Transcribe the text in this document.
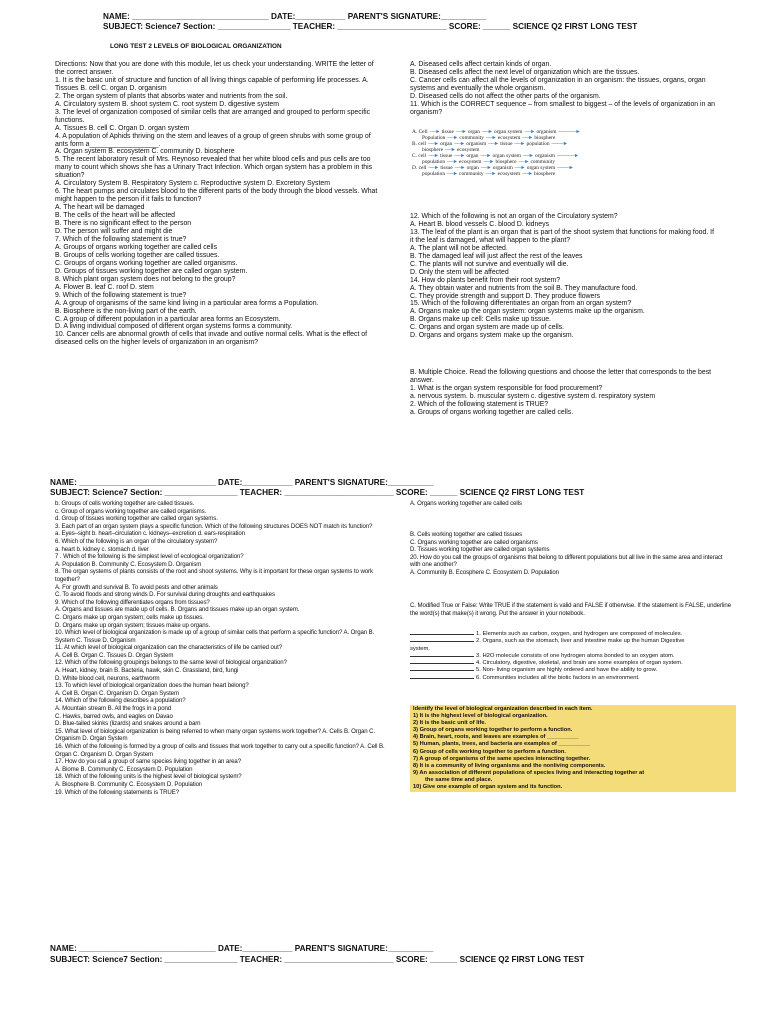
NAME: ______________________________ DATE:___________ PARENT'S SIGNATURE:__________
SUBJECT: Science7 Section: ________________ TEACHER: ________________________ SCORE: ______ SCIENCE Q2 FIRST LONG TEST
LONG TEST 2 LEVELS OF BIOLOGICAL ORGANIZATION

Directions: Now that you are done with this module, let us check your understanding. WRITE the letter of the correct answer.

1. It is the basic unit of structure and function of all living things capable of performing life processes. A. Tissues B. cell C. organ D. organism

2. The organ system of plants that absorbs water and nutrients from the soil.

A. Circulatory system B. shoot system C. root system D. digestive system

3. The level of organization composed of similar cells that are arranged and grouped to perform specific functions.

A. Tissues B. cell C. Organ D. organ system

4. A population of Aphids thriving on the stem and leaves of a group of green shrubs with some group of ants form a__________________.

A. Organ system B. ecosystem C. community D. biosphere

5. The recent laboratory result of Mrs. Reynoso revealed that her white blood cells and pus cells are too many to count which shows she has a Urinary Tract Infection. Which organ system has a problem in this situation?

A. Circulatory System B. Respiratory System c. Reproductive system D. Excretory System

6. The heart pumps and circulates blood to the different parts of the body through the blood vessels. What might happen to the person if it fails to function?

A. The heart will be damaged

B. The cells of the heart will be affected

B. There is no significant effect to the person

D. The person will suffer and might die

7. Which of the following statement is true?

A. Groups of organs working together are called cells

B. Groups of cells working together are called tissues.

C. Groups of organs working together are called organisms.

D. Groups of tissues working together are called organ system.

8. Which plant organ system does not belong to the group?

A. Flower B. leaf C. roof D. stem

9. Which of the following statement is true?

A. A group of organisms of the same kind living in a particular area forms a Population.

B. Biosphere is the non-living part of the earth.

C. A group of different population in a particular area forms an Ecosystem.

D. A living individual composed of different organ systems forms a community.

10. Cancer cells are abnormal growth of cells that invade and outlive normal cells. What is the effect of diseased cells on the higher levels of organization in an organism?

A. Diseased cells affect certain kinds of organ.

B. Diseased cells affect the next level of organization which are the tissues.

C. Cancer cells can affect all the levels of organization in an organism: the tissues, organs, organ systems and eventually the whole organism.

D. Diseased cells do not affect the other parts of the organism.

11. Which is the CORRECT sequence – from smallest to biggest – of the levels of organization in an organism?

A. Cell ──► tissue ──► organ ──► organ system ──► organism ──────►
Population ──► community ──► ecosystem ──► biosphere
B. cell ──► organ ──► organism ──► tissue ──► population ────►
biosphere ──► ecosystem
C. cell ──► tissue ──► organ ──► organ system ──► organism ──────►
population ──► ecosystem ──► biosphere ──► community
D. cell ──► tissue ──► organ ──► organism ──► organ system ────►
population ──► community ──► ecosystem ──► biosphere

12. Which of the following is not an organ of the Circulatory system?

A. Heart B. blood vessels C. blood D. kidneys

13. The leaf of the plant is an organ that is part of the shoot system that functions for making food. If it the leaf is damaged, what will happen to the plant?

A. The plant will not be affected.

B. The damaged leaf will just affect the rest of the leaves

C. The plants will not survive and eventually will die.

D. Only the stem will be affected

14. How do plants benefit from their root system?

A. They obtain water and nutrients from the soil B. They manufacture food.

C. They provide strength and support D. They produce flowers

15. Which of the following differentiates an organ from an organ system?

A. Organs make up the organ system: organ systems make up the organism.

B. Organs make up cell: Cells make up tissue.

C. Organs and organ system are made up of cells.

D. Organs and organs system make up the organism.

B. Multiple Choice. Read the following questions and choose the letter that corresponds to the best answer.

1. What is the organ system responsible for food procurement?

a. nervous system. b. muscular system c. digestive system d. respiratory system

2. Which of the following statement is TRUE?

a. Groups of organs working together are called cells.

NAME: ______________________________ DATE:___________ PARENT'S SIGNATURE:__________
SUBJECT: Science7 Section: ________________ TEACHER: ________________________ SCORE: ______ SCIENCE Q2 FIRST LONG TEST

b. Groups of cells working together are called tissues.

c. Group of organs working together are called organisms.

d. Group of tissues working together are called organ systems.

3. Each part of an organ system plays a specific function. Which of the following structures DOES NOT match its function?

a. Eyes–sight b. heart–circulation c. kidneys–excretion d. ears-respiration

6. Which of the following is an organ of the circulatory system?

a. heart b. kidney c. stomach d. liver

7 . Which of the following is the simplest level of ecological organization?

A. Population B. Community C. Ecosystem D. Organism

8. The organ systems of plants consists of the root and shoot systems. Why is it important for these organ systems to work together?

A. For growth and survival B. To avoid pests and other animals

C. To avoid floods and strong winds D. For survival during droughts and earthquakes

9. Which of the following differentiates organs from tissues?

A. Organs and tissues are made up of cells. B. Organs and tissues make up an organ system.

C. Organs make up organ system; cells make up tissues.

D. Organs make up organ system; tissues make up organs.

10. Which level of biological organization is made up of a group of similar cells that perform a specific function? A. Organ B. System C. Tissue D. Organism

11. At which level of biological organization can the characteristics of life be carried out?

A. Cell B. Organ C. Tissues D. Organ System

12. Which of the following groupings belongs to the same level of biological organization?

A. Heart, kidney, brain B. Bacteria, hawk, skin C. Grassland, bird, fungi

D. White blood cell, neurons, earthworm

13. To which level of biological organization does the human heart belong?

A. Cell B. Organ C. Organism D. Organ System

14. Which of the following describes a population?

A. Mountain stream B. All the frogs in a pond

C. Hawks, barred owls, and eagles on Davao

D. Blue-tailed skinks (lizards) and snakes around a barn

15. What level of biological organization is being referred to when many organ systems work together? A. Cells B. Organ C. Organism D. Organ System

16. Which of the following is formed by a group of cells and tissues that work together to carry out a specific function? A. Cell B. Organ C. Organism D. Organ System

17. How do you call a group of same species living together in an area?

A. Biome B. Community C. Ecosystem D. Population

18. Which of the following units is the highest level of biological system?

A. Biosphere B. Community C. Ecosystem D. Population

19. Which of the following statements is TRUE?

A. Organs working together are called cells

B. Cells working together are called tissues

C. Organs working together are called organisms

D. Tissues working together are called organ systems

20. How do you call the groups of organisms that belong to different populations but all live in the same area and interact with one another?

A. Community B. Ecosphere C. Ecosystem D. Population

C. Modified True or False: Write TRUE if the statement is valid and FALSE if otherwise. If the statement is FALSE, underline the word(s) that make(s) it wrong. Put the answer in your notebook.

1. Elements such as carbon, oxygen, and hydrogen are composed of molecules.

2. Organs, such as the stomach, liver and intestine make up the human Digestive

system.

3. H2O molecule consists of one hydrogen atoms bonded to an oxygen atom.

4. Circulatory, digestive, skeletal, and brain are some examples of organ system.

5. Non- living organism are highly ordered and have the ability to grow.

6. Communities includes all the biotic factors in an environment.

Identify the level of biological organization described in each item.

1) It is the highest level of biological organization.

2) It is the basic unit of life.

3) Group of organs working together to perform a function.

4) Brain, heart, roots, and leaves are examples of __________

5) Human, plants, trees, and bacteria are examples of __________

6) Group of cells working together to perform a function.

7) A group of organisms of the same species interacting together.

8) It is a community of living organisms and the nonliving components.

9) An association of different populations of species living and interacting together at

the same time and place.

10) Give one example of organ system and its function.

NAME: ______________________________ DATE:___________ PARENT'S SIGNATURE:__________
SUBJECT: Science7 Section: ________________ TEACHER: ________________________ SCORE: ______ SCIENCE Q2 FIRST LONG TEST
